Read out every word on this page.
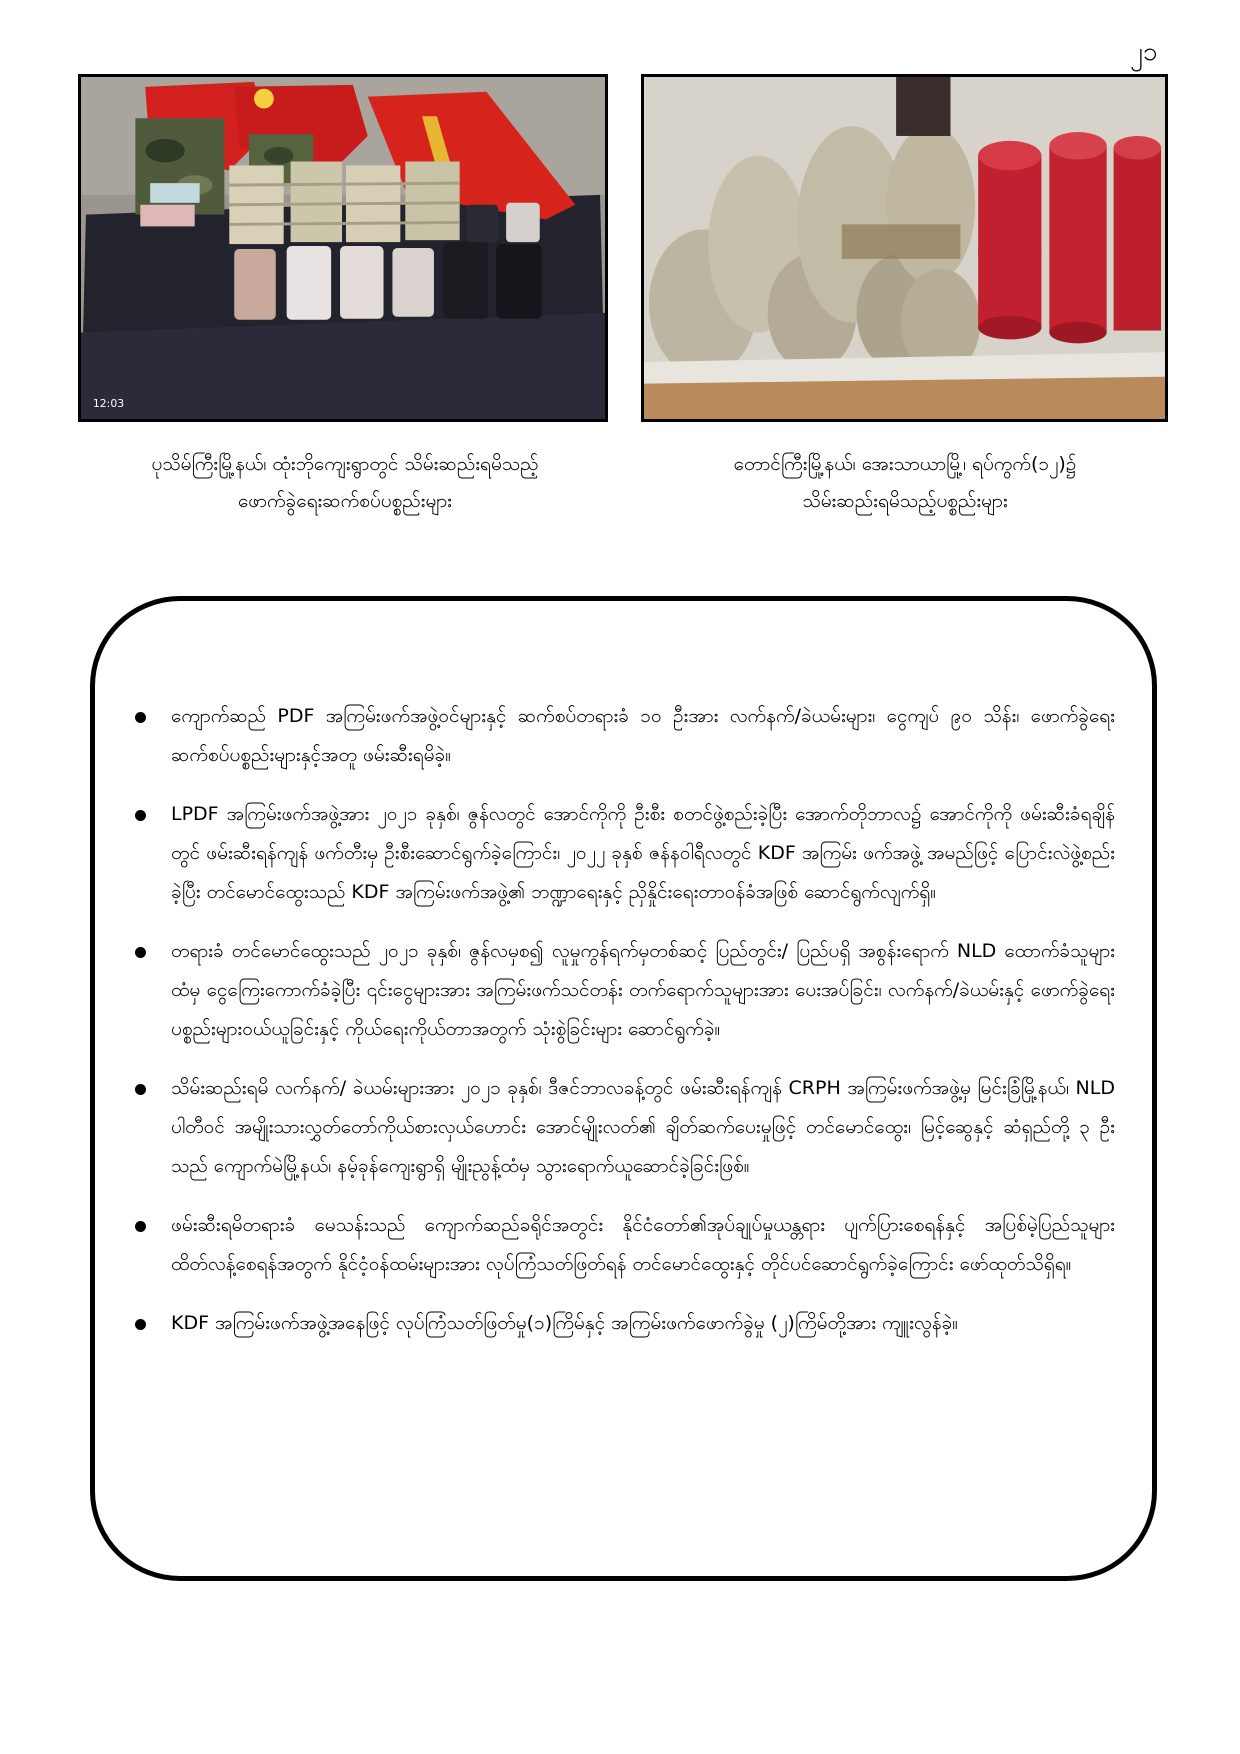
၂၁
12:03
ပုသိမ်ကြီးမြို့နယ်၊ ထုံးဘိုကျေးရွာတွင် သိမ်းဆည်းရမိသည့်
ဖောက်ခွဲရေးဆက်စပ်ပစ္စည်းများ
တောင်ကြီးမြို့နယ်၊ အေးသာယာမြို့၊ ရပ်ကွက်(၁၂)၌
သိမ်းဆည်းရမိသည့်ပစ္စည်းများ
ကျောက်ဆည် PDF အကြမ်းဖက်အဖွဲ့ဝင်များနှင့် ဆက်စပ်တရားခံ ၁၀ ဦးအား လက်နက်/ခဲယမ်းများ၊ ငွေကျပ် ၉၀ သိန်း၊ ဖောက်ခွဲရေးဆက်စပ်ပစ္စည်းများနှင့်အတူ ဖမ်းဆီးရမိခဲ့။
LPDF အကြမ်းဖက်အဖွဲ့အား ၂၀၂၁ ခုနှစ်၊ ဇွန်လတွင် အောင်ကိုကို ဦးစီး စတင်ဖွဲ့စည်းခဲ့ပြီး အောက်တိုဘာလ၌ အောင်ကိုကို ဖမ်းဆီးခံရချိန်တွင် ဖမ်းဆီးရန်ကျန် ဖက်တီးမှ ဦးစီးဆောင်ရွက်ခဲ့ကြောင်း၊ ၂၀၂၂ ခုနှစ် ဇန်နဝါရီလတွင် KDF အကြမ်း ဖက်အဖွဲ့ အမည်ဖြင့် ပြောင်းလဲဖွဲ့စည်းခဲ့ပြီး တင်မောင်ထွေးသည် KDF အကြမ်းဖက်အဖွဲ့၏ ဘဏ္ဍာရေးနှင့် ညှိနှိုင်းရေးတာဝန်ခံအဖြစ် ဆောင်ရွက်လျက်ရှိ။
တရားခံ တင်မောင်ထွေးသည် ၂၀၂၁ ခုနှစ်၊ ဇွန်လမှစ၍ လူမှုကွန်ရက်မှတစ်ဆင့် ပြည်တွင်း/ ပြည်ပရှိ အစွန်းရောက် NLD ထောက်ခံသူများထံမှ ငွေကြေးကောက်ခံခဲ့ပြီး ၎င်းငွေများအား အကြမ်းဖက်သင်တန်း တက်ရောက်သူများအား ပေးအပ်ခြင်း၊ လက်နက်/ခဲယမ်းနှင့် ဖောက်ခွဲရေးပစ္စည်းများဝယ်ယူခြင်းနှင့် ကိုယ်ရေးကိုယ်တာအတွက် သုံးစွဲခြင်းများ ဆောင်ရွက်ခဲ့။
သိမ်းဆည်းရမိ လက်နက်/ ခဲယမ်းများအား ၂၀၂၁ ခုနှစ်၊ ဒီဇင်ဘာလခန့်တွင် ဖမ်းဆီးရန်ကျန် CRPH အကြမ်းဖက်အဖွဲ့မှ မြင်းခြံမြို့နယ်၊ NLD ပါတီဝင် အမျိုးသားလွှတ်တော်ကိုယ်စားလှယ်ဟောင်း အောင်မျိုးလတ်၏ ချိတ်ဆက်ပေးမှုဖြင့် တင်မောင်ထွေး၊ မြင့်ဆွေနှင့် ဆံရှည်တို့ ၃ ဦးသည် ကျောက်မဲမြို့နယ်၊ နမ့်ခုန်ကျေးရွာရှိ မျိုးညွန့်ထံမှ သွားရောက်ယူဆောင်ခဲ့ခြင်းဖြစ်။
ဖမ်းဆီးရမိတရားခံ မေသန်းသည် ကျောက်ဆည်ခရိုင်အတွင်း နိုင်ငံတော်၏အုပ်ချုပ်မှုယန္တရား ပျက်ပြားစေရန်နှင့် အပြစ်မဲ့ပြည်သူများ ထိတ်လန့်စေရန်အတွက် နိုင်ငံ့ဝန်ထမ်းများအား လုပ်ကြံသတ်ဖြတ်ရန် တင်မောင်ထွေးနှင့် တိုင်ပင်ဆောင်ရွက်ခဲ့ကြောင်း ဖော်ထုတ်သိရှိရ။
KDF အကြမ်းဖက်အဖွဲ့အနေဖြင့် လုပ်ကြံသတ်ဖြတ်မှု(၁)ကြိမ်နှင့် အကြမ်းဖက်ဖောက်ခွဲမှု (၂)ကြိမ်တို့အား ကျူးလွန်ခဲ့။
